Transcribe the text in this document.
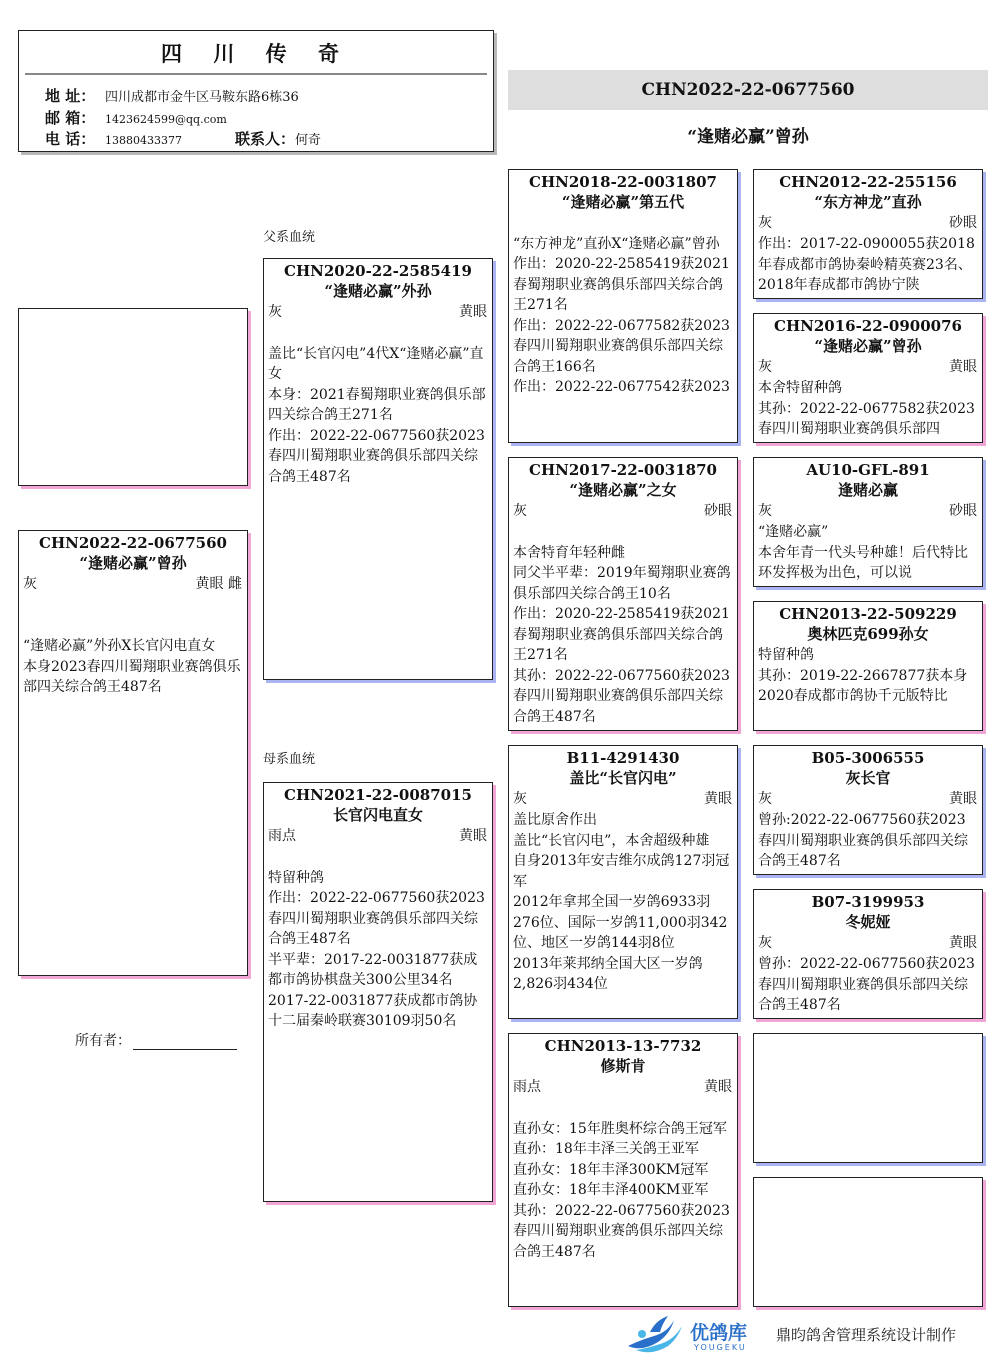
四 川 传 奇
地 址： 四川成都市金牛区马鞍东路6栋36
邮 箱： 1423624599@qq.com
电 话： 13880433377	联系人：何奇
CHN2022-22-0677560
“逢赌必赢”曾孙
CHN2022-22-0677560
“逢赌必赢”曾孙
灰	黄眼 雌

“逢赌必赢”外孙X长官闪电直女
本身2023春四川蜀翔职业赛鸽俱乐部四关综合鸽王487名
所有者：
父系血统
母系血统
CHN2020-22-2585419
“逢赌必赢”外孙
灰	黄眼

盖比“长官闪电”4代X“逢赌必赢”直女
本身：2021春蜀翔职业赛鸽俱乐部四关综合鸽王271名
作出：2022-22-0677560获2023春四川蜀翔职业赛鸽俱乐部四关综合鸽王487名
CHN2021-22-0087015
长官闪电直女
雨点	黄眼

特留种鸽
作出：2022-22-0677560获2023春四川蜀翔职业赛鸽俱乐部四关综合鸽王487名
半平辈：2017-22-0031877获成都市鸽协棋盘关300公里34名
2017-22-0031877获成都市鸽协十二届秦岭联赛30109羽50名
CHN2018-22-0031807
“逢赌必赢”第五代

“东方神龙”直孙X“逢赌必赢”曾孙
作出：2020-22-2585419获2021春蜀翔职业赛鸽俱乐部四关综合鸽王271名
作出：2022-22-0677582获2023春四川蜀翔职业赛鸽俱乐部四关综合鸽王166名
作出：2022-22-0677542获2023
CHN2017-22-0031870
“逢赌必赢”之女
灰	砂眼

本舍特育年轻种雌
同父半平辈：2019年蜀翔职业赛鸽俱乐部四关综合鸽王10名
作出：2020-22-2585419获2021春蜀翔职业赛鸽俱乐部四关综合鸽王271名
其孙：2022-22-0677560获2023春四川蜀翔职业赛鸽俱乐部四关综合鸽王487名
B11-4291430
盖比“长官闪电”
灰	黄眼
盖比原舍作出
盖比“长官闪电”，本舍超级种雄
自身2013年安吉维尔成鸽127羽冠军
2012年拿邦全国一岁鸽6933羽276位、国际一岁鸽11,000羽342位、地区一岁鸽144羽8位
2013年莱邦纳全国大区一岁鸽2,826羽434位
CHN2013-13-7732
修斯肯
雨点	黄眼

直孙女：15年胜奥杯综合鸽王冠军
直孙：18年丰泽三关鸽王亚军
直孙女：18年丰泽300KM冠军
直孙女：18年丰泽400KM亚军
其孙：2022-22-0677560获2023春四川蜀翔职业赛鸽俱乐部四关综合鸽王487名
CHN2012-22-255156
“东方神龙”直孙
灰	砂眼
作出：2017-22-0900055获2018年春成都市鸽协秦岭精英赛23名、2018年春成都市鸽协宁陕
CHN2016-22-0900076
“逢赌必赢”曾孙
灰	黄眼
本舍特留种鸽
其孙：2022-22-0677582获2023春四川蜀翔职业赛鸽俱乐部四
AU10-GFL-891
逢赌必赢
灰	砂眼
“逢赌必赢”
本舍年青一代头号种雄！后代特比环发挥极为出色，可以说
CHN2013-22-509229
奥林匹克699孙女
特留种鸽
其孙：2019-22-2667877获本身2020春成都市鸽协千元版特比
B05-3006555
灰长官
灰	黄眼
曾孙:2022-22-0677560获2023春四川蜀翔职业赛鸽俱乐部四关综合鸽王487名
B07-3199953
冬妮娅
灰	黄眼
曾孙：2022-22-0677560获2023春四川蜀翔职业赛鸽俱乐部四关综合鸽王487名
优鸽库
YOUGEKU
鼎昀鸽舍管理系统设计制作
